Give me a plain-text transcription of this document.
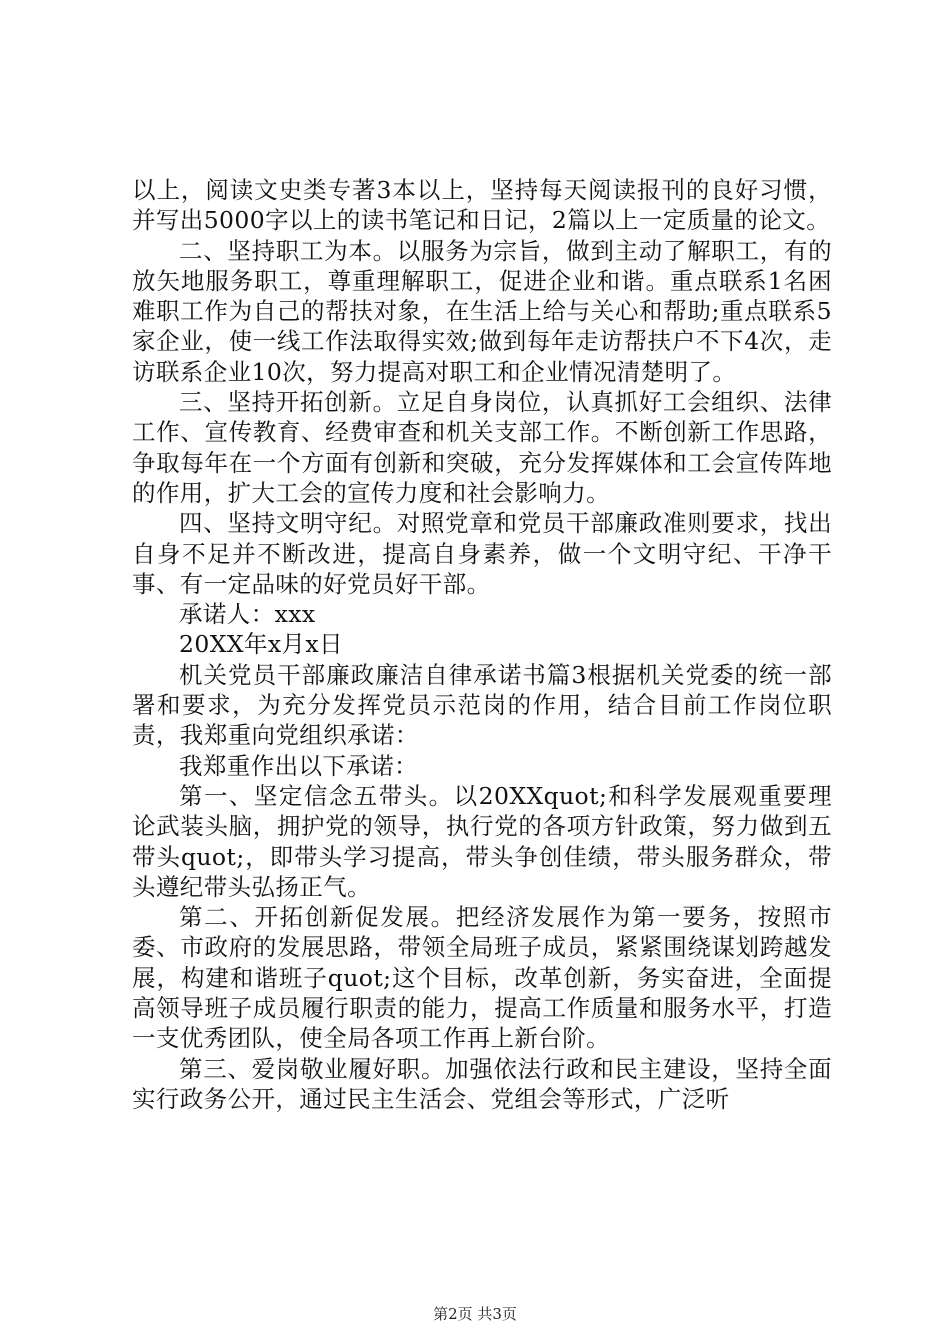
以上，阅读文史类专著3本以上，坚持每天阅读报刊的良好习惯，并写出5000字以上的读书笔记和日记，2篇以上一定质量的论文。

二、坚持职工为本。以服务为宗旨，做到主动了解职工，有的放矢地服务职工，尊重理解职工，促进企业和谐。重点联系1名困难职工作为自己的帮扶对象，在生活上给与关心和帮助;重点联系5家企业，使一线工作法取得实效;做到每年走访帮扶户不下4次，走访联系企业10次，努力提高对职工和企业情况清楚明了。

三、坚持开拓创新。立足自身岗位，认真抓好工会组织、法律工作、宣传教育、经费审查和机关支部工作。不断创新工作思路，争取每年在一个方面有创新和突破，充分发挥媒体和工会宣传阵地的作用，扩大工会的宣传力度和社会影响力。

四、坚持文明守纪。对照党章和党员干部廉政准则要求，找出自身不足并不断改进，提高自身素养，做一个文明守纪、干净干事、有一定品味的好党员好干部。

承诺人：xxx

20XX年x月x日

机关党员干部廉政廉洁自律承诺书篇3根据机关党委的统一部署和要求，为充分发挥党员示范岗的作用，结合目前工作岗位职责，我郑重向党组织承诺：

我郑重作出以下承诺：

第一、坚定信念五带头。以20XXquot;和科学发展观重要理论武装头脑，拥护党的领导，执行党的各项方针政策，努力做到五带头quot;，即带头学习提高，带头争创佳绩，带头服务群众，带头遵纪带头弘扬正气。

第二、开拓创新促发展。把经济发展作为第一要务，按照市委、市政府的发展思路，带领全局班子成员，紧紧围绕谋划跨越发展，构建和谐班子quot;这个目标，改革创新，务实奋进，全面提高领导班子成员履行职责的能力，提高工作质量和服务水平，打造一支优秀团队，使全局各项工作再上新台阶。

第三、爱岗敬业履好职。加强依法行政和民主建设，坚持全面实行政务公开，通过民主生活会、党组会等形式，广泛听

第2页 共3页
